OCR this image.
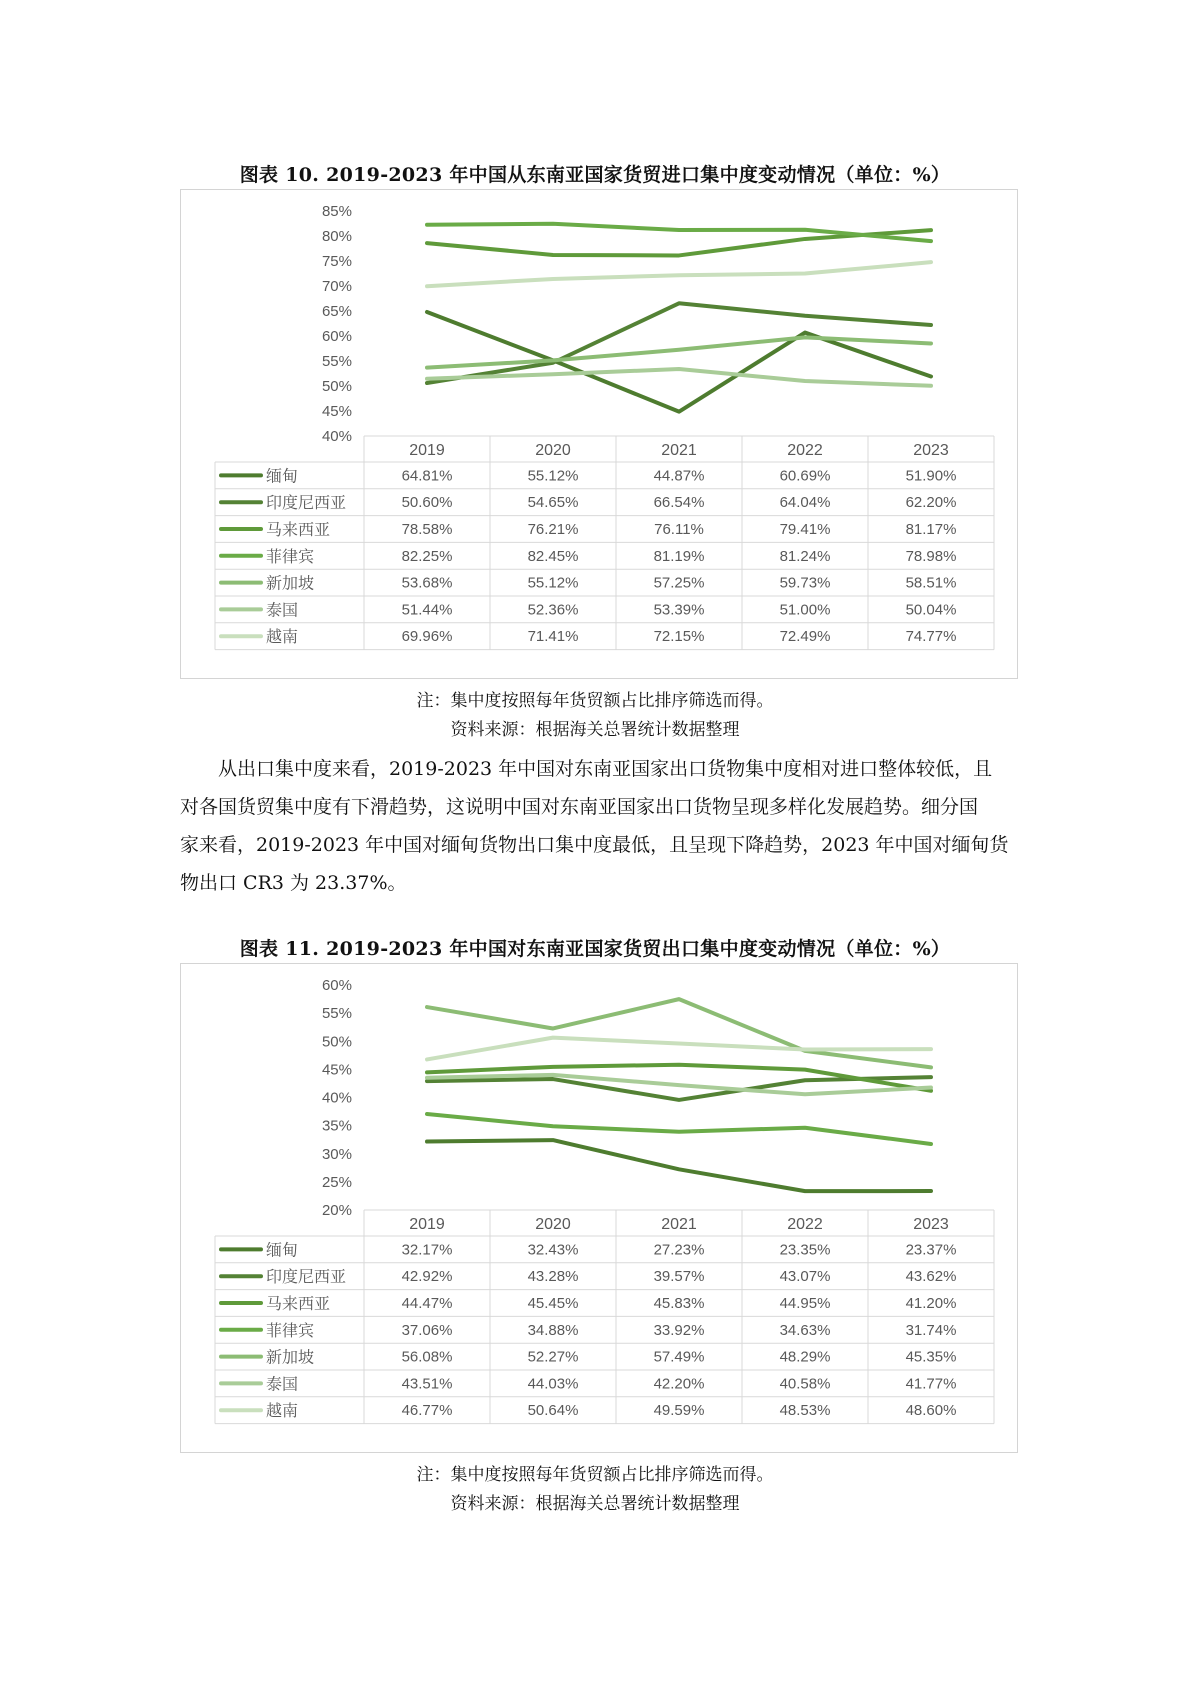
图表 10. 2019-2023 年中国从东南亚国家货贸进口集中度变动情况（单位：%）
40%
45%
50%
55%
60%
65%
70%
75%
80%
85%
2019	2020	2021	2022	2023
缅甸	64.81%	55.12%	44.87%	60.69%	51.90%
印度尼西亚	50.60%	54.65%	66.54%	64.04%	62.20%
马来西亚	78.58%	76.21%	76.11%	79.41%	81.17%
菲律宾	82.25%	82.45%	81.19%	81.24%	78.98%
新加坡	53.68%	55.12%	57.25%	59.73%	58.51%
泰国	51.44%	52.36%	53.39%	51.00%	50.04%
越南	69.96%	71.41%	72.15%	72.49%	74.77%
注：集中度按照每年货贸额占比排序筛选而得。
资料来源：根据海关总署统计数据整理
从出口集中度来看，2019-2023 年中国对东南亚国家出口货物集中度相对进口整体较低，且
对各国货贸集中度有下滑趋势，这说明中国对东南亚国家出口货物呈现多样化发展趋势。细分国
家来看，2019-2023 年中国对缅甸货物出口集中度最低，且呈现下降趋势，2023 年中国对缅甸货
物出口 CR3 为 23.37%。
图表 11. 2019-2023 年中国对东南亚国家货贸出口集中度变动情况（单位：%）
20%
25%
30%
35%
40%
45%
50%
55%
60%
2019	2020	2021	2022	2023
缅甸	32.17%	32.43%	27.23%	23.35%	23.37%
印度尼西亚	42.92%	43.28%	39.57%	43.07%	43.62%
马来西亚	44.47%	45.45%	45.83%	44.95%	41.20%
菲律宾	37.06%	34.88%	33.92%	34.63%	31.74%
新加坡	56.08%	52.27%	57.49%	48.29%	45.35%
泰国	43.51%	44.03%	42.20%	40.58%	41.77%
越南	46.77%	50.64%	49.59%	48.53%	48.60%
注：集中度按照每年货贸额占比排序筛选而得。
资料来源：根据海关总署统计数据整理
